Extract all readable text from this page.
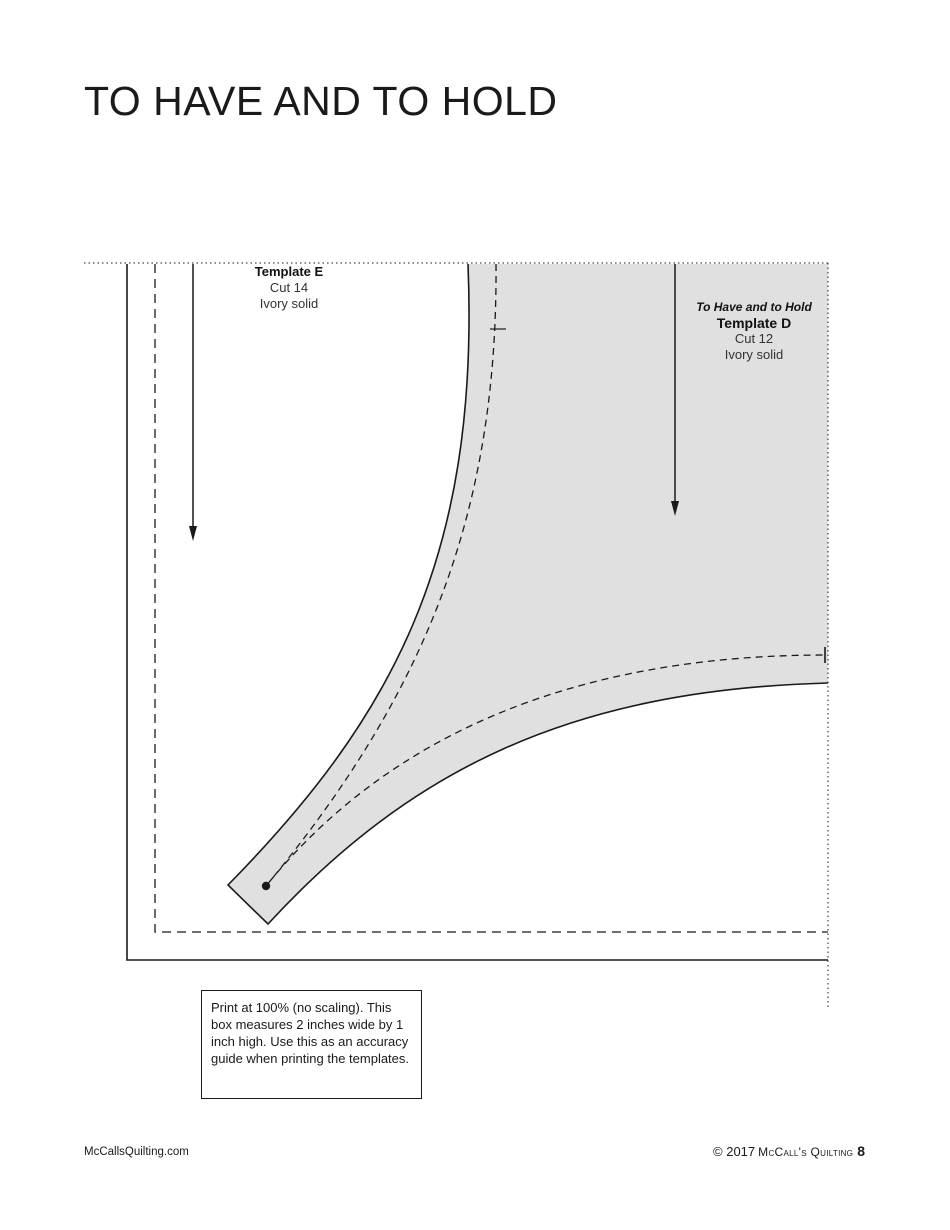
TO HAVE AND TO HOLD
Template E
Cut 14
Ivory solid	To Have and to Hold
Template D
Cut 12
Ivory solid
Print at 100% (no scaling). This box measures 2 inches wide by 1 inch high. Use this as an accuracy guide when printing the templates.
McCallsQuilting.com	© 2017 McCall's Quilting 8
